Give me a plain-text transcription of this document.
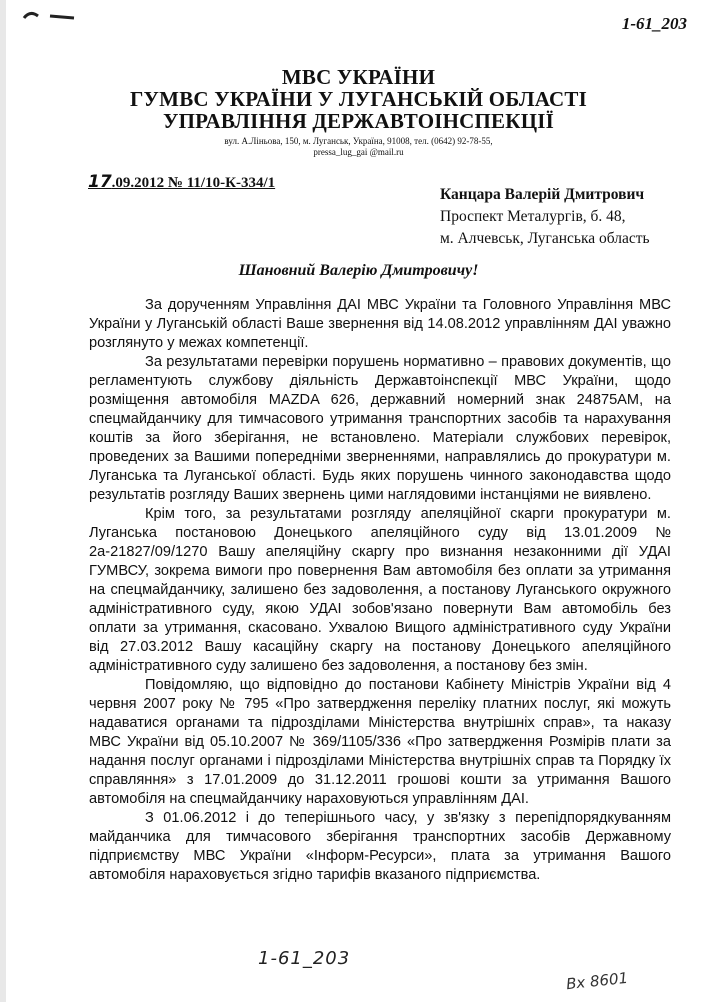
1-61_203
МВС УКРАЇНИ
ГУМВС УКРАЇНИ У ЛУГАНСЬКІЙ ОБЛАСТІ
УПРАВЛІННЯ ДЕРЖАВТОІНСПЕКЦІЇ
вул. А.Ліньова, 150, м. Луганськ, Україна, 91008, тел. (0642) 92-78-55,
pressa_lug_gai @mail.ru
17.09.2012 № 11/10-К-334/1
Канцара Валерій Дмитрович
Проспект Металургів, б. 48,
м. Алчевськ, Луганська область
Шановний Валерію Дмитровичу!

За дорученням Управління ДАІ МВС України та Головного Управління МВС України у Луганській області Ваше звернення від 14.08.2012 управлінням ДАІ уважно розглянуто у межах компетенції.

За результатами перевірки порушень нормативно – правових документів, що регламентують службову діяльність Державтоінспекції МВС України, щодо розміщення автомобіля MAZDA 626, державний номерний знак 24875AM, на спецмайданчику для тимчасового утримання транспортних засобів та нарахування коштів за його зберігання, не встановлено. Матеріали службових перевірок, проведених за Вашими попередніми зверненнями, направлялись до прокуратури м. Луганська та Луганської області. Будь яких порушень чинного законодавства щодо результатів розгляду Ваших звернень цими наглядовими інстанціями не виявлено.

Крім того, за результатами розгляду апеляційної скарги прокуратури м. Луганська постановою Донецького апеляційного суду від 13.01.2009 № 2а-21827/09/1270 Вашу апеляційну скаргу про визнання незаконними дії УДАІ ГУМВСУ, зокрема вимоги про повернення Вам автомобіля без оплати за утримання на спецмайданчику, залишено без задоволення, а постанову Луганського окружного адміністративного суду, якою УДАІ зобов'язано повернути Вам автомобіль без оплати за утримання, скасовано. Ухвалою Вищого адміністративного суду України від 27.03.2012 Вашу касаційну скаргу на постанову Донецького апеляційного адміністративного суду залишено без задоволення, а постанову без змін.

Повідомляю, що відповідно до постанови Кабінету Міністрів України від 4 червня 2007 року № 795 «Про затвердження переліку платних послуг, які можуть надаватися органами та підрозділами Міністерства внутрішніх справ», та наказу МВС України від 05.10.2007 № 369/1105/336 «Про затвердження Розмірів плати за надання послуг органами і підрозділами Міністерства внутрішніх справ та Порядку їх справляння» з 17.01.2009 до 31.12.2011 грошові кошти за утримання Вашого автомобіля на спецмайданчику нараховуються управлінням ДАІ.

З 01.06.2012 і до теперішнього часу, у зв'язку з перепідпорядкуванням майданчика для тимчасового зберігання транспортних засобів Державному підприємству МВС України «Інформ-Ресурси», плата за утримання Вашого автомобіля нараховується згідно тарифів вказаного підприємства.

1-61_203
Вх 8601
